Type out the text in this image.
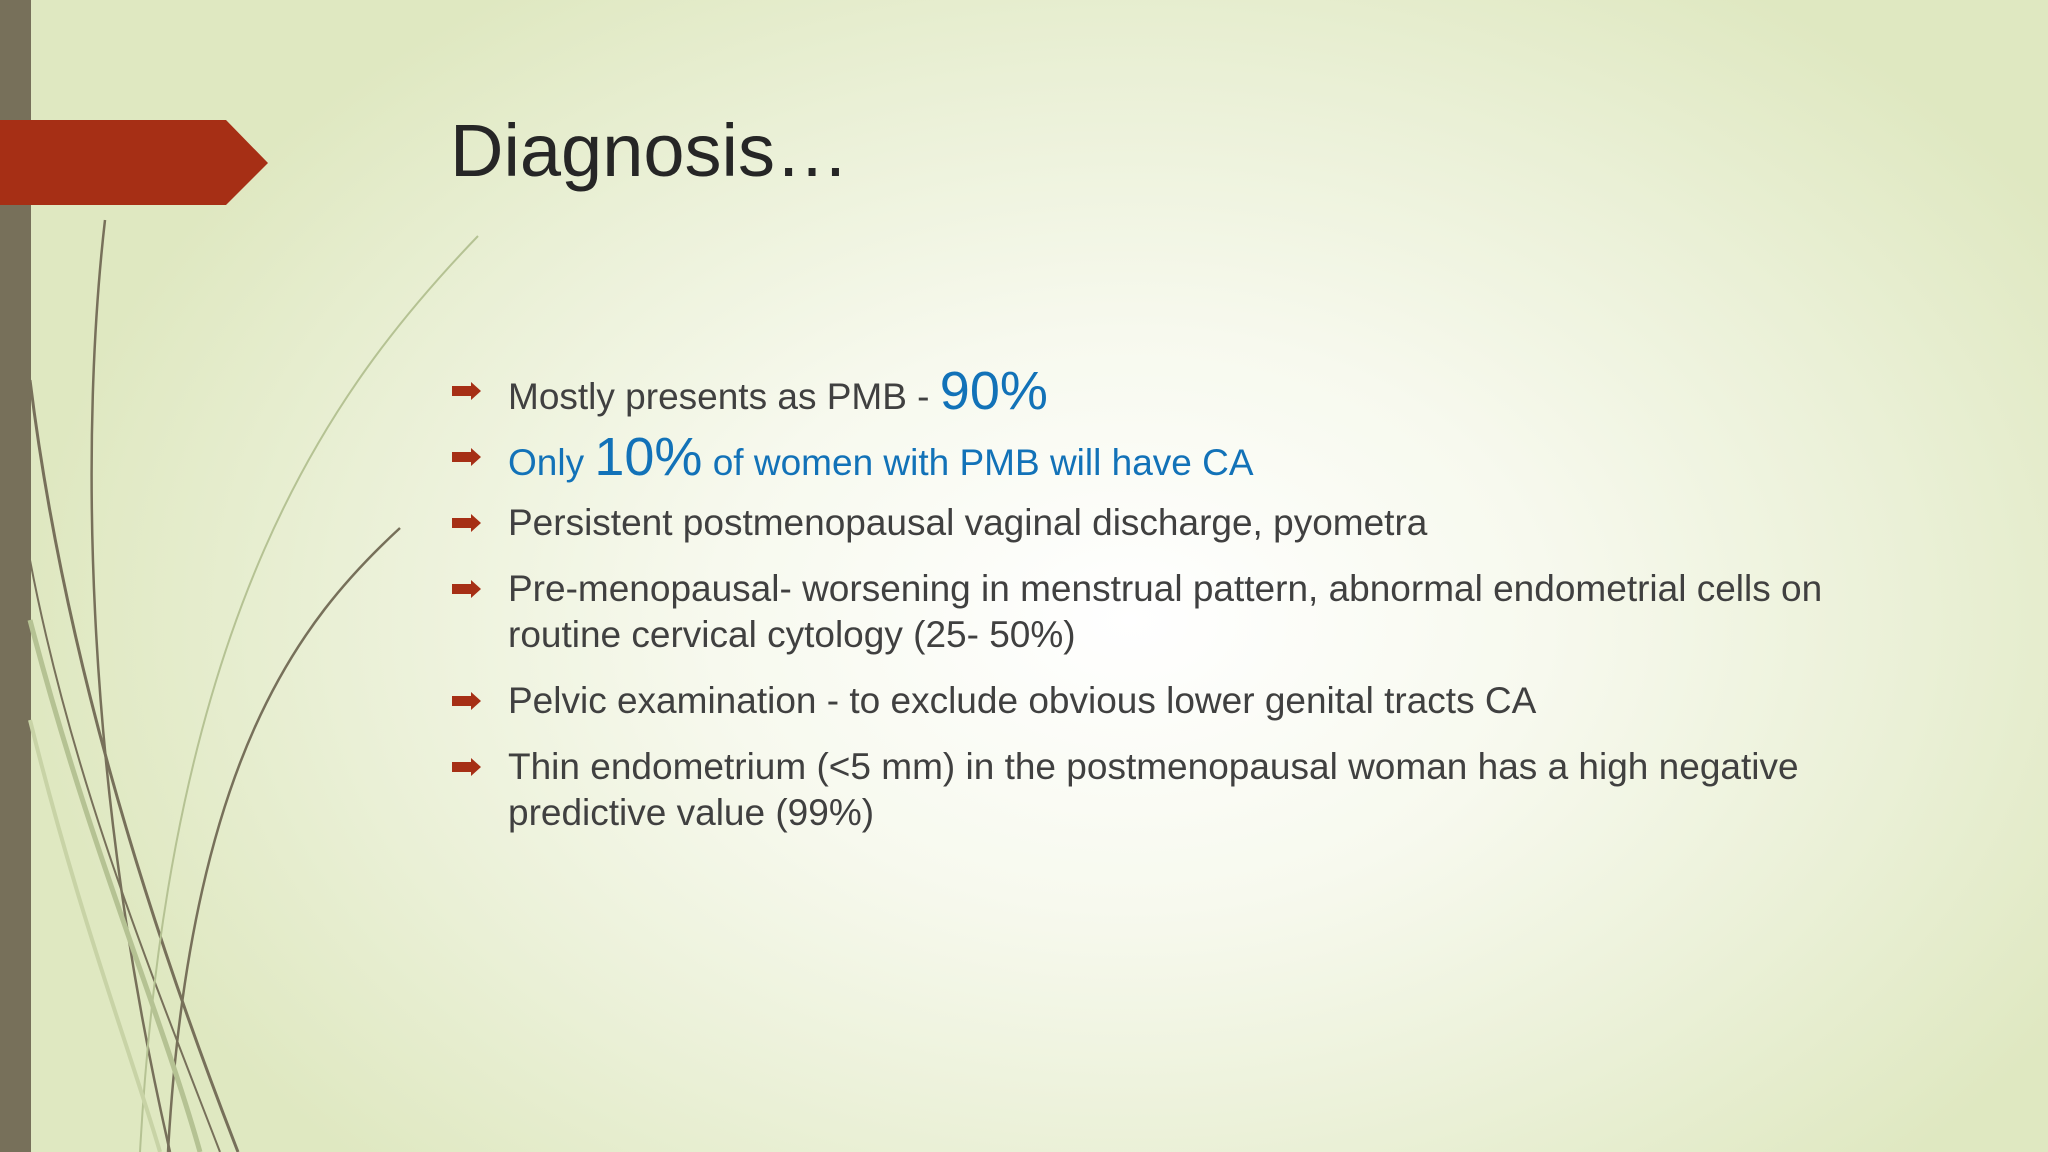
Diagnosis…
Mostly presents as PMB - 90%
Only 10% of women with PMB will have CA
Persistent postmenopausal vaginal discharge, pyometra
Pre-menopausal- worsening in menstrual pattern, abnormal endometrial cells on
routine cervical cytology (25- 50%)
Pelvic examination - to exclude obvious lower genital tracts CA
Thin endometrium (<5 mm) in the postmenopausal woman has a high negative
predictive value (99%)
